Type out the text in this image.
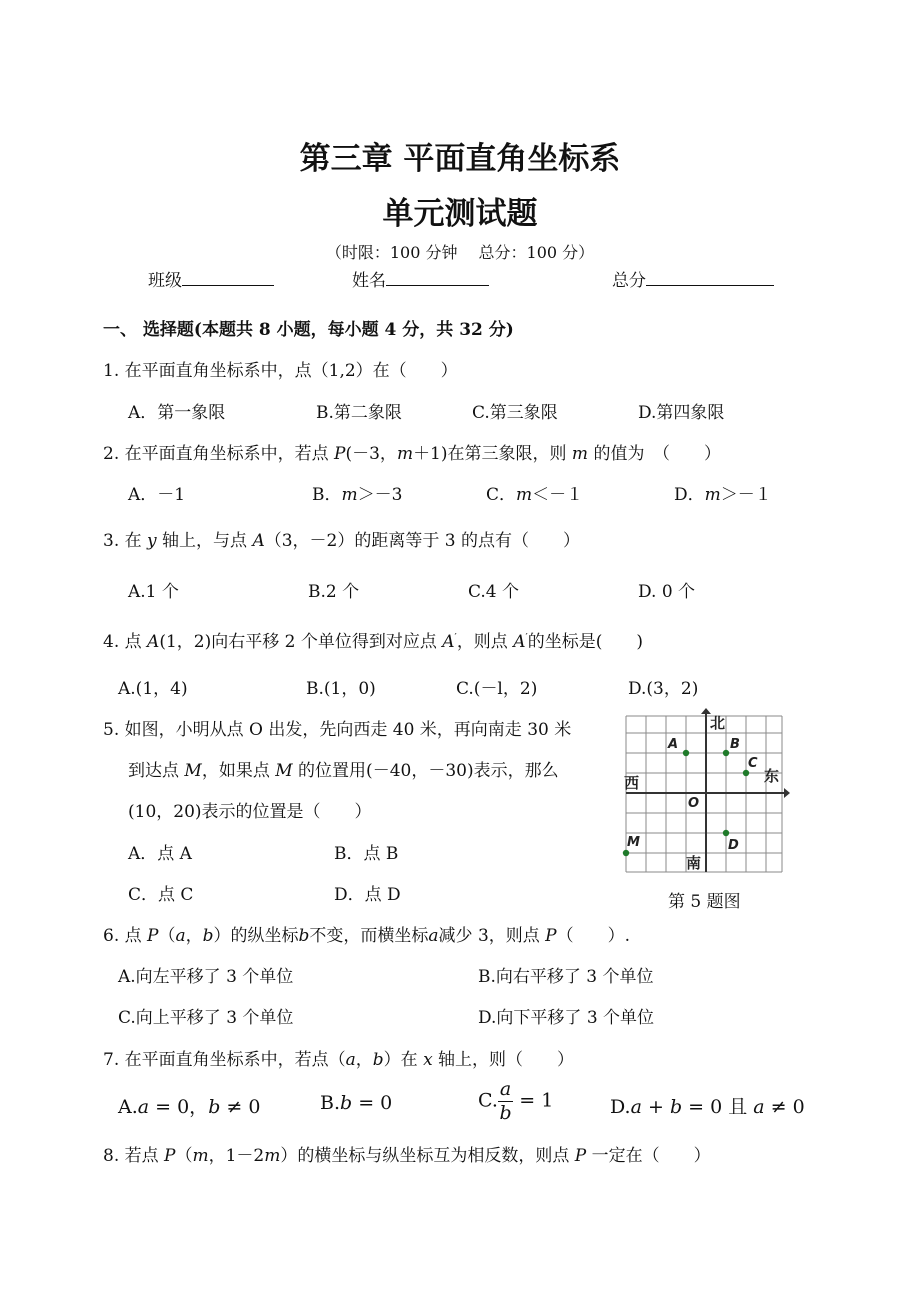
第三章 平面直角坐标系
单元测试题
（时限：100 分钟　 总分：100 分）
班级	姓名	总分
一、 选择题(本题共 8 小题，每小题 4 分，共 32 分)
1. 在平面直角坐标系中，点（1,2）在（　　）
A．第一象限	B.第二象限	C.第三象限	D.第四象限
2. 在平面直角坐标系中，若点 P(－3，m＋1)在第三象限，则 m 的值为　（　　）
A．－1	B．m＞－3	C．m＜－１	D．m＞－１
3. 在 y 轴上，与点 A（3，－2）的距离等于 3 的点有（　　）
A.1 个	B.2 个	C.4 个	D. 0 个
4. 点 A(1，2)向右平移 2 个单位得到对应点 A′，则点 A′的坐标是(　　)
A.(1，4)	B.(1，0)	C.(－l，2)	D.(3，2)
5. 如图，小明从点 O 出发，先向西走 40 米，再向南走 30 米
到达点 M，如果点 M 的位置用(－40，－30)表示，那么
(10，20)表示的位置是（　　）
A．点 A	B．点 B
C．点 C	D．点 D
北
南
东
西
O
A	B
C
D
M
第 5 题图
6. 点 P（a，b）的纵坐标b不变，而横坐标a减少 3，则点 P（　　）.
A.向左平移了 3 个单位	B.向右平移了 3 个单位
C.向上平移了 3 个单位	D.向下平移了 3 个单位
7. 在平面直角坐标系中，若点（a，b）在 x 轴上，则（　　）
A.a = 0，b ≠ 0	B.b = 0	C. $\frac{a}{b} = 1$	D.a + b = 0 且 a ≠ 0
8. 若点 P（m，1－2m）的横坐标与纵坐标互为相反数，则点 P 一定在（　　）
